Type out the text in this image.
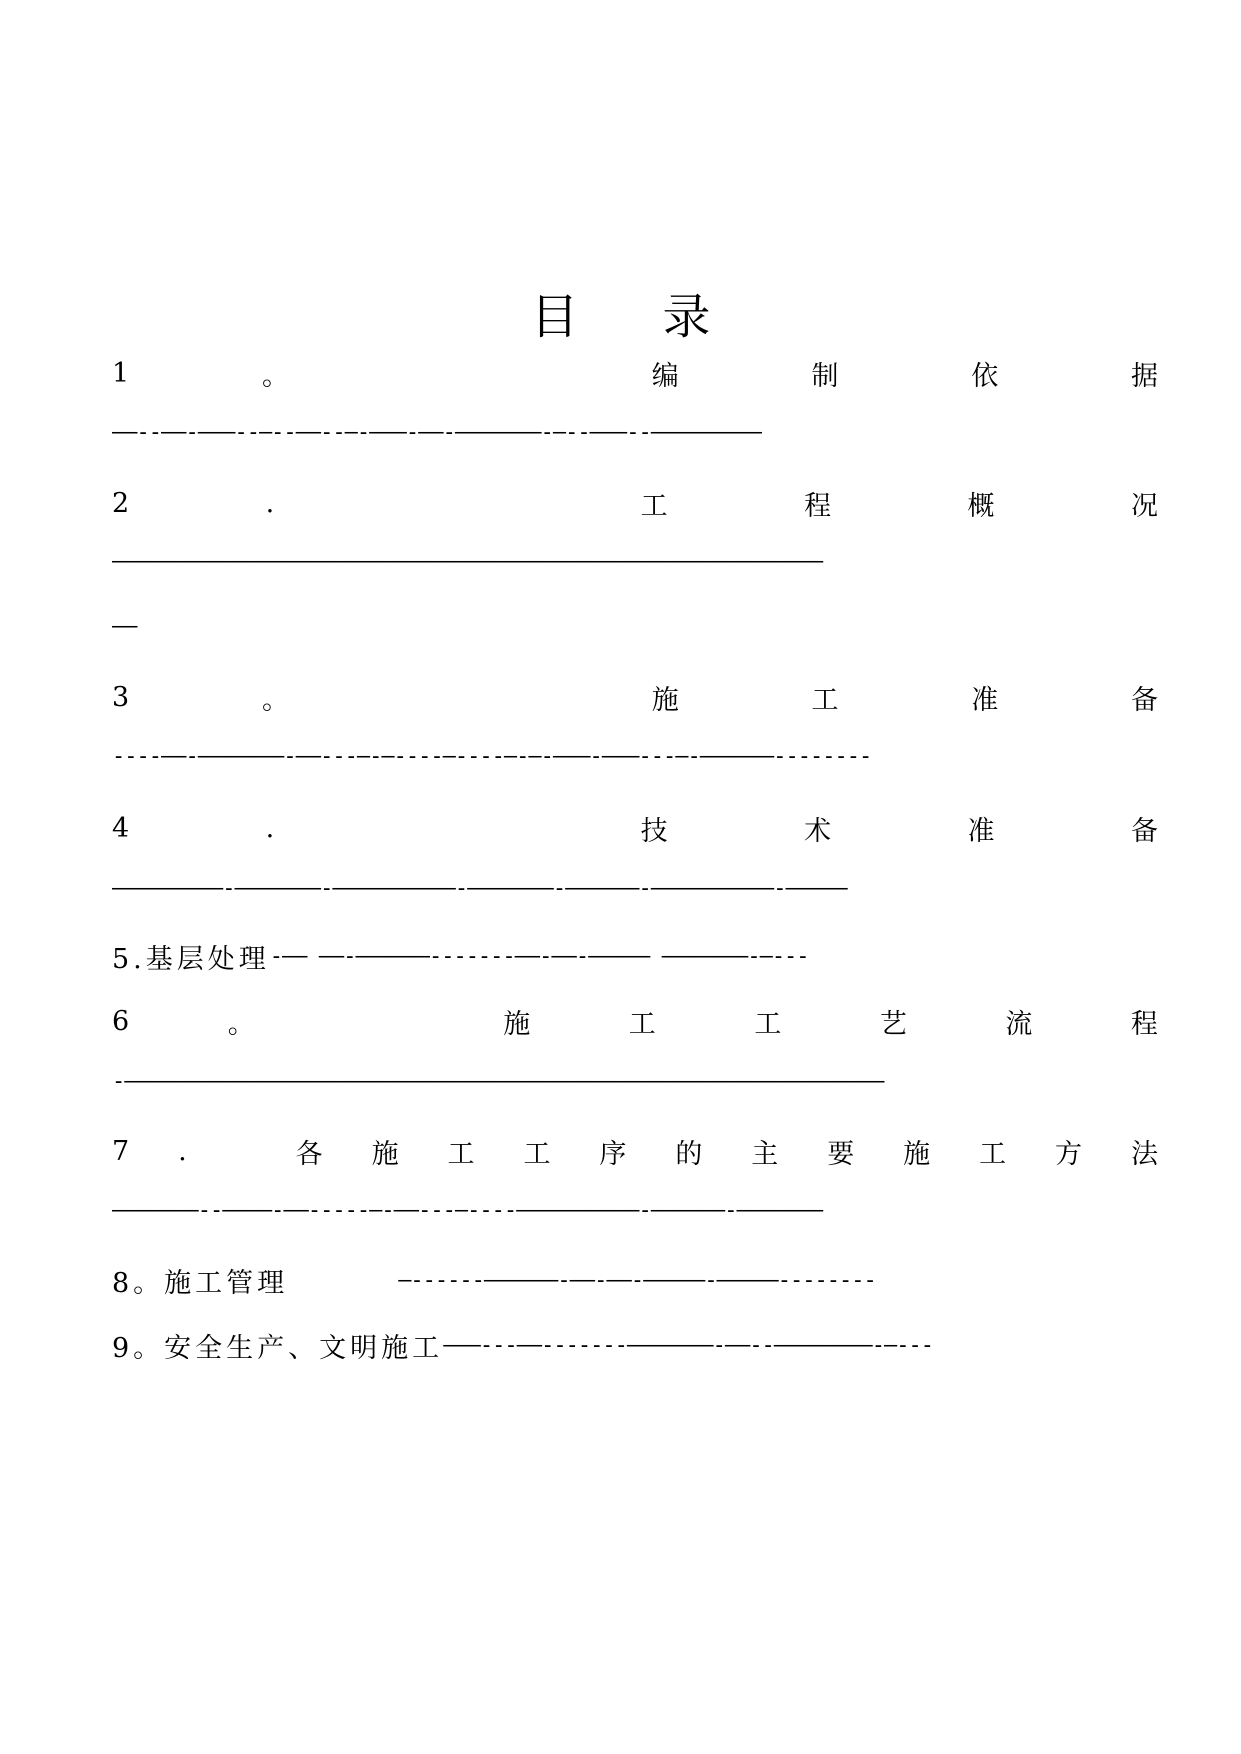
目 录
1	。	编	制	依	据
——--——-———--—--——--—-———-——-———————-—--———--—————————
2	.	工	程	概	况
——————————————————————————————————————————————————————————
——
3	。	施	工	准	备
----——-———————-——---—-—----—----—-—-———-———---—-——————--------
4	.	技	术	准	备
—————————-———————-——————————-———————-——————-——————————-—————
5.基层处理 -—— ——-——————-------——-——-————— ———————-—---
6	。	施	工	工	艺	流	程
-——————————————————————————————————————————————————————————————
7 .	各 施 工 工 序 的 主 要 施 工 方 法
———————--————-——-----—-——---—----——————————-——————-———————
8。施工管理	—------——————-——-——-—————-—————--------
9。安全生产、文明施工 ———---——-------———————-——--————————-—---
